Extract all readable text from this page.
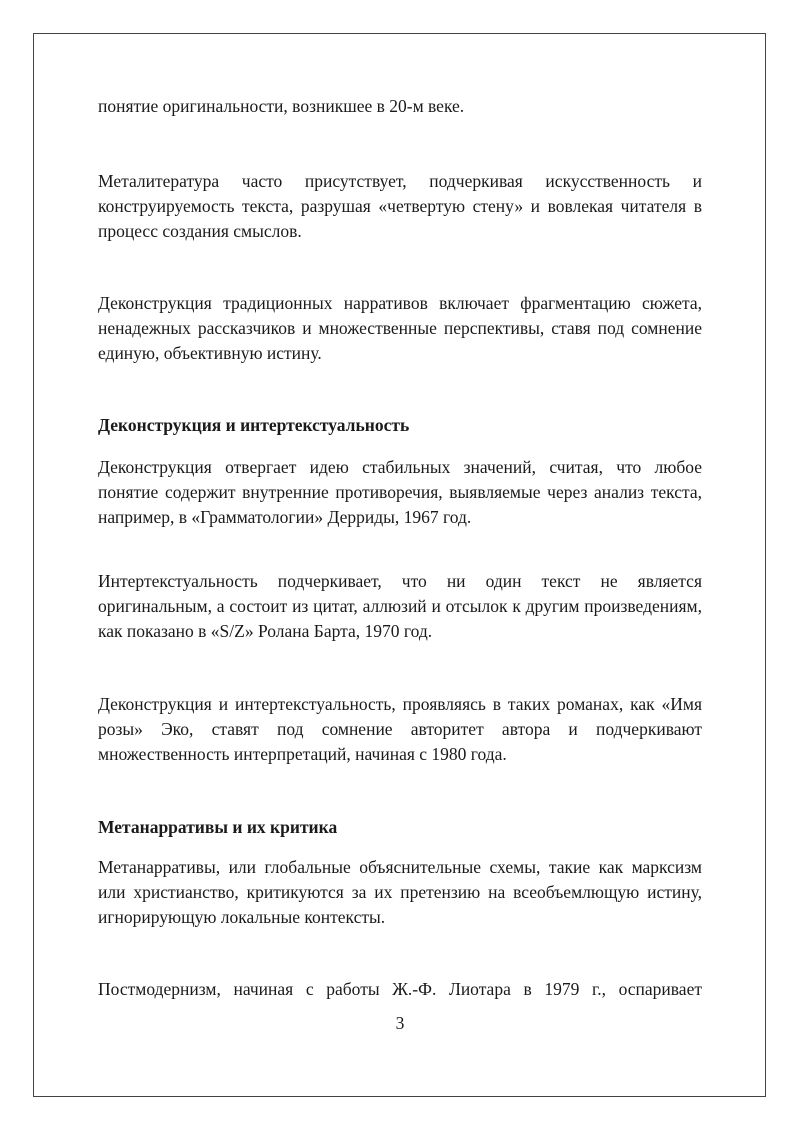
понятие оригинальности, возникшее в 20-м веке.

Металитература часто присутствует, подчеркивая искусственность и конструируемость текста, разрушая «четвертую стену» и вовлекая читателя в процесс создания смыслов.

Деконструкция традиционных нарративов включает фрагментацию сюжета, ненадежных рассказчиков и множественные перспективы, ставя под сомнение единую, объективную истину.

Деконструкция и интертекстуальность

Деконструкция отвергает идею стабильных значений, считая, что любое понятие содержит внутренние противоречия, выявляемые через анализ текста, например, в «Грамматологии» Дерриды, 1967 год.

Интертекстуальность подчеркивает, что ни один текст не является оригинальным, а состоит из цитат, аллюзий и отсылок к другим произведениям, как показано в «S/Z» Ролана Барта, 1970 год.

Деконструкция и интертекстуальность, проявляясь в таких романах, как «Имя розы» Эко, ставят под сомнение авторитет автора и подчеркивают множественность интерпретаций, начиная с 1980 года.

Метанарративы и их критика

Метанарративы, или глобальные объяснительные схемы, такие как марксизм или христианство, критикуются за их претензию на всеобъемлющую истину, игнорирующую локальные контексты.

Постмодернизм, начиная с работы Ж.-Ф. Лиотара в 1979 г., оспаривает

3
